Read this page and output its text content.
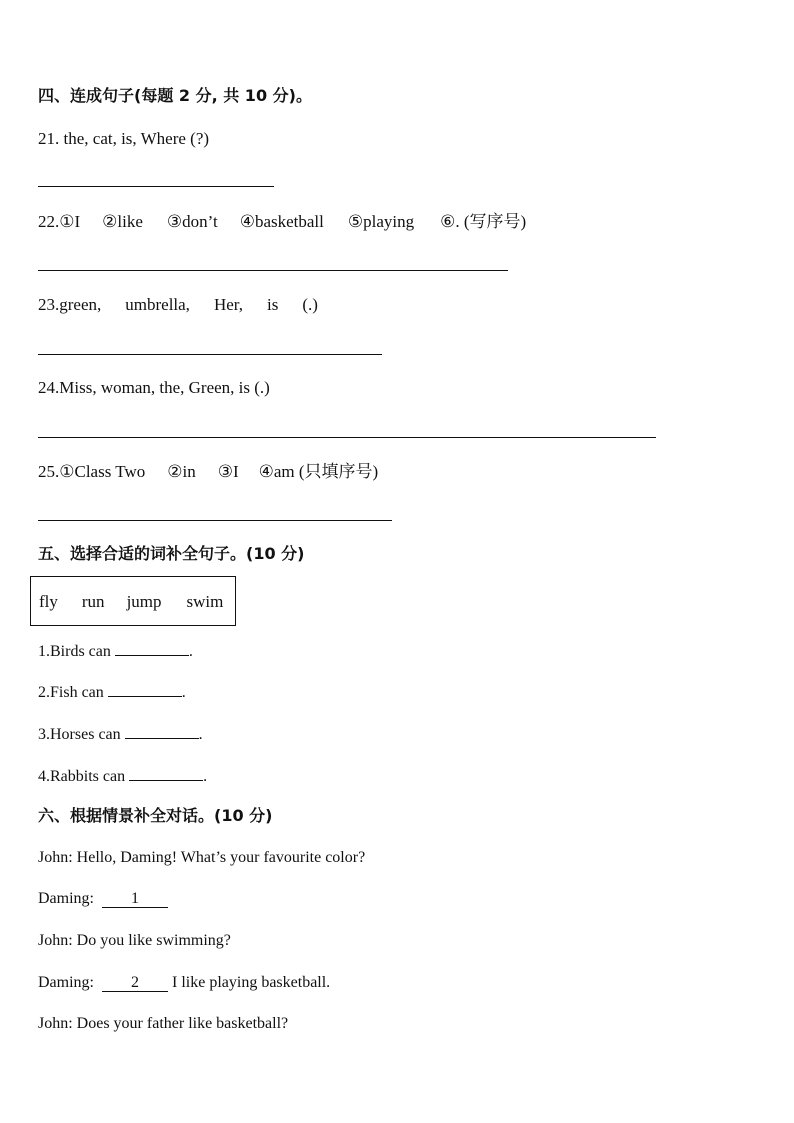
四、连成句子(每题 2 分, 共 10 分)。
21. the, cat, is, Where (?)
22.①I ②like ③don’t ④basketball ⑤playing ⑥. (写序号)
23.green, umbrella, Her, is (.)
24.Miss, woman, the, Green, is (.)
25.①Class Two ②in ③I ④am (只填序号)
五、选择合适的词补全句子。(10 分)
fly run jump swim
1.Birds can	.
2.Fish can	.
3.Horses can	.
4.Rabbits can	.
六、根据情景补全对话。(10 分)
John: Hello, Daming! What’s your favourite color?
Daming: 1
John: Do you like swimming?
Daming: 2 I like playing basketball.
John: Does your father like basketball?
